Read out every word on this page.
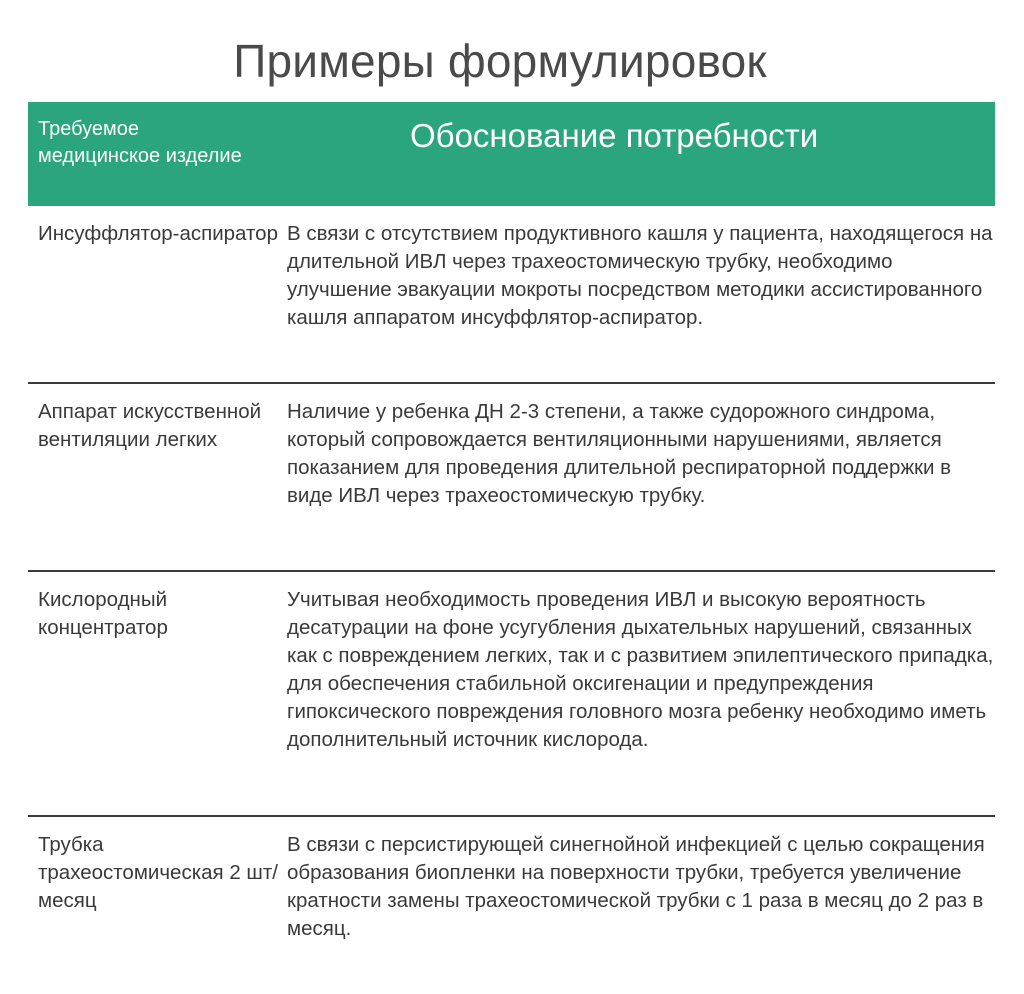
Примеры формулировок
Требуемое медицинское изделие
Обоснование потребности
Инсуффлятор-аспиратор В связи с отсутствием продуктивного кашля у пациента, находящегося на длительной ИВЛ через трахеостомическую трубку, необходимо улучшение эвакуации мокроты посредством методики ассистированного кашля аппаратом инсуффлятор-аспиратор.
Аппарат искусственной вентиляции легких
Наличие у ребенка ДН 2-3 степени, а также судорожного синдрома, который сопровождается вентиляционными нарушениями, является показанием для проведения длительной респираторной поддержки в виде ИВЛ через трахеостомическую трубку.
Кислородный концентратор
Учитывая необходимость проведения ИВЛ и высокую вероятность десатурации на фоне усугубления дыхательных нарушений, связанных как с повреждением легких, так и с развитием эпилептического припадка, для обеспечения стабильной оксигенации и предупреждения гипоксического повреждения головного мозга ребенку необходимо иметь дополнительный источник кислорода.
Трубка трахеостомическая 2 шт/месяц
В связи с персистирующей синегнойной инфекцией с целью сокращения образования биопленки на поверхности трубки, требуется увеличение кратности замены трахеостомической трубки с 1 раза в месяц до 2 раз в месяц.
